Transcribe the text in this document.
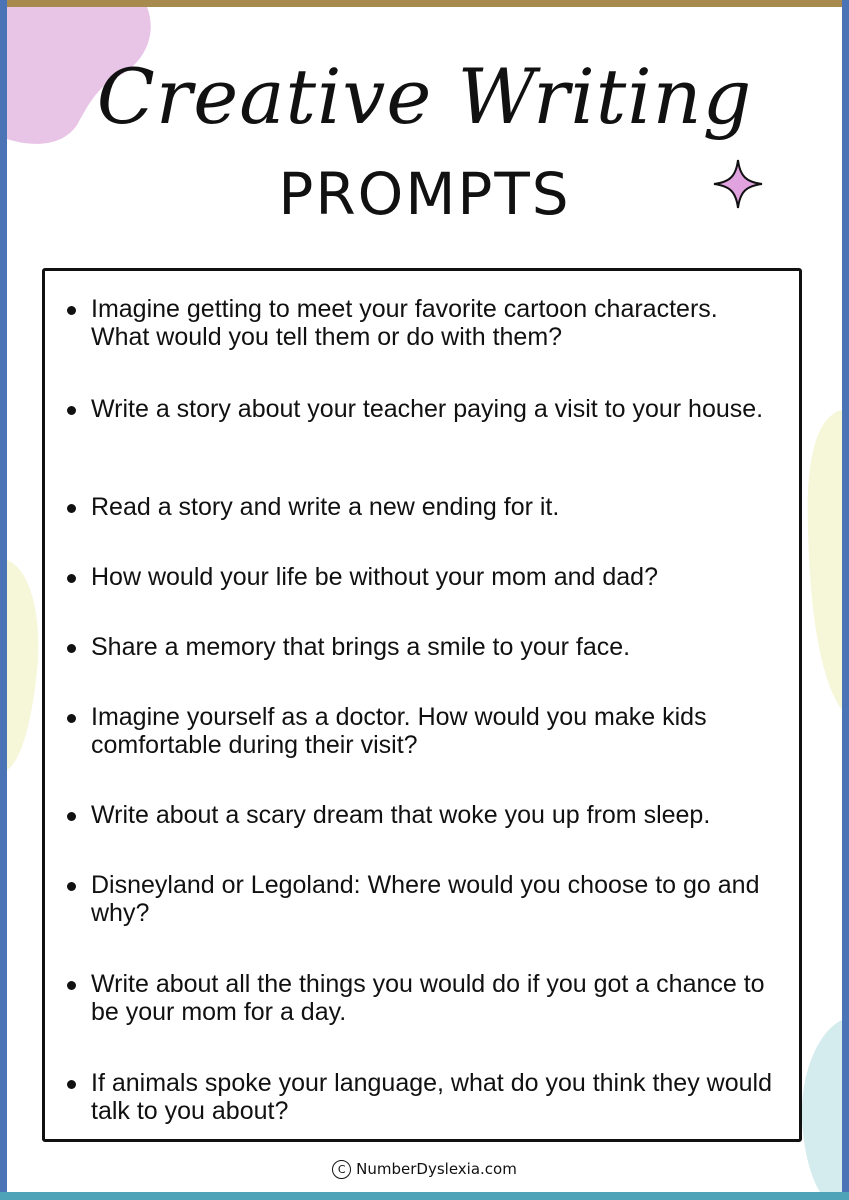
Creative Writing
PROMPTS
Imagine getting to meet your favorite cartoon characters. What would you tell them or do with them?
Write a story about your teacher paying a visit to your house.
Read a story and write a new ending for it.
How would your life be without your mom and dad?
Share a memory that brings a smile to your face.
Imagine yourself as a doctor. How would you make kids comfortable during their visit?
Write about a scary dream that woke you up from sleep.
Disneyland or Legoland: Where would you choose to go and why?
Write about all the things you would do if you got a chance to be your mom for a day.
If animals spoke your language, what do you think they would talk to you about?
C NumberDyslexia.com
